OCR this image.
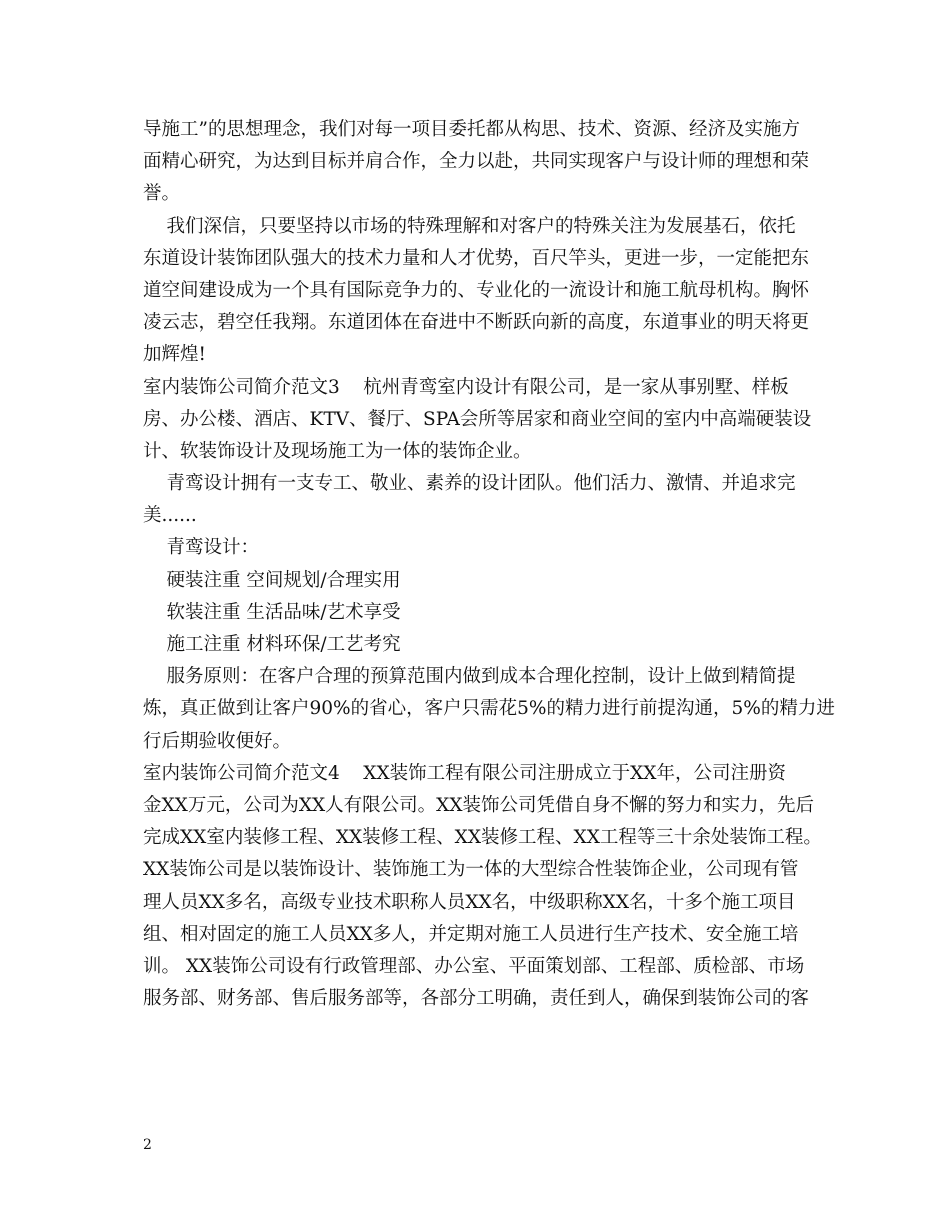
导施工”的思想理念，我们对每一项目委托都从构思、技术、资源、经济及实施方
面精心研究，为达到目标并肩合作，全力以赴，共同实现客户与设计师的理想和荣
誉。
我们深信，只要坚持以市场的特殊理解和对客户的特殊关注为发展基石，依托
东道设计装饰团队强大的技术力量和人才优势，百尺竿头，更进一步，一定能把东
道空间建设成为一个具有国际竞争力的、专业化的一流设计和施工航母机构。胸怀
凌云志，碧空任我翔。东道团体在奋进中不断跃向新的高度，东道事业的明天将更
加辉煌!
室内装饰公司简介范文3    杭州青鸾室内设计有限公司，是一家从事别墅、样板
房、办公楼、酒店、KTV、餐厅、SPA会所等居家和商业空间的室内中高端硬装设
计、软装饰设计及现场施工为一体的装饰企业。
青鸾设计拥有一支专工、敬业、素养的设计团队。他们活力、激情、并追求完
美......
青鸾设计：
硬装注重 空间规划/合理实用
软装注重 生活品味/艺术享受
施工注重 材料环保/工艺考究
服务原则：在客户合理的预算范围内做到成本合理化控制，设计上做到精简提
炼，真正做到让客户90%的省心，客户只需花5%的精力进行前提沟通，5%的精力进
行后期验收便好。
室内装饰公司简介范文4    XX装饰工程有限公司注册成立于XX年，公司注册资
金XX万元，公司为XX人有限公司。XX装饰公司凭借自身不懈的努力和实力，先后
完成XX室内装修工程、XX装修工程、XX装修工程、XX工程等三十余处装饰工程。
XX装饰公司是以装饰设计、装饰施工为一体的大型综合性装饰企业，公司现有管
理人员XX多名，高级专业技术职称人员XX名，中级职称XX名，十多个施工项目
组、相对固定的施工人员XX多人，并定期对施工人员进行生产技术、安全施工培
训。 XX装饰公司设有行政管理部、办公室、平面策划部、工程部、质检部、市场
服务部、财务部、售后服务部等，各部分工明确，责任到人，确保到装饰公司的客
2
